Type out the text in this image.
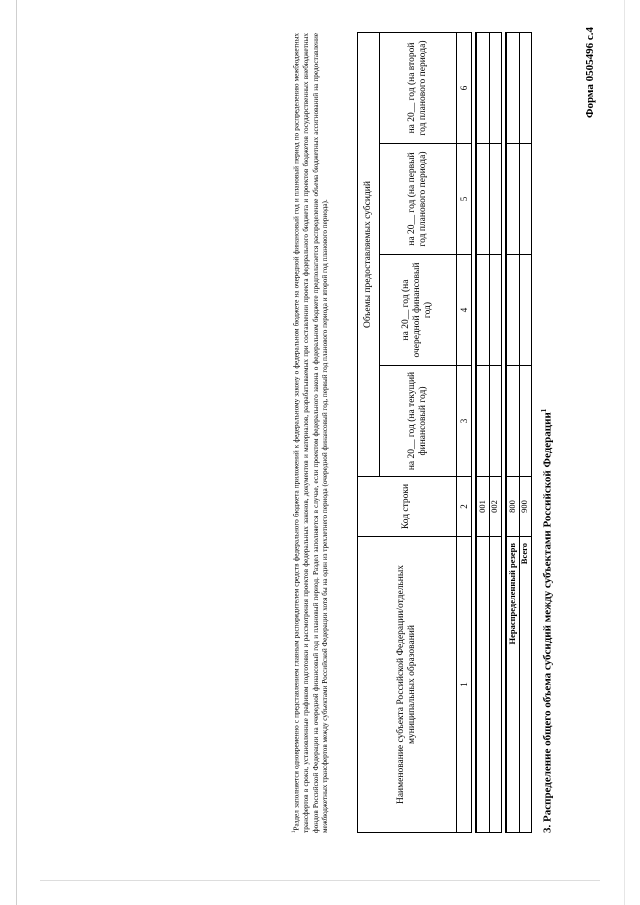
Форма 0505496 с.4
3. Распределение общего объема субсидий между субъектами Российской Федерации$^1$
Наименование субъекта Российской Федерации/отдельных муниципальных образований	Код строки	Объемы предоставляемых субсидий			
		на 20__ год (на текущий финансовый год)	на 20__ год (на очередной финансовый год)	на 20__ год (на первый год планового периода)	на 20__ год (на второй год планового периода)
1	2	3	4	5	6

	001				
	002				

Нераспределенный резерв	800				
Всего	900				
$^1$Раздел заполняется одновременно с представлением главным распорядителем средств федерального бюджета приложений к федеральному закону о федеральном бюджете на очередной финансовый год и плановый период по распределению межбюджетных трансфертов в сроки, установленные графиком подготовки и рассмотрения проектов федеральных законов, документов и материалов, разрабатываемых при составлении проекта федерального бюджета и проектов бюджетов государственных внебюджетных фондов Российской Федерации на очередной финансовый год и плановый период. Раздел заполняется в случае, если проектом федерального закона о федеральном бюджете предполагается распределение объема бюджетных ассигнований на предоставление межбюджетных трансфертов между субъектами Российской Федерации хотя бы на один из трехлетнего периода (очередной финансовый год, первый год планового периода и второй год планового периода).
